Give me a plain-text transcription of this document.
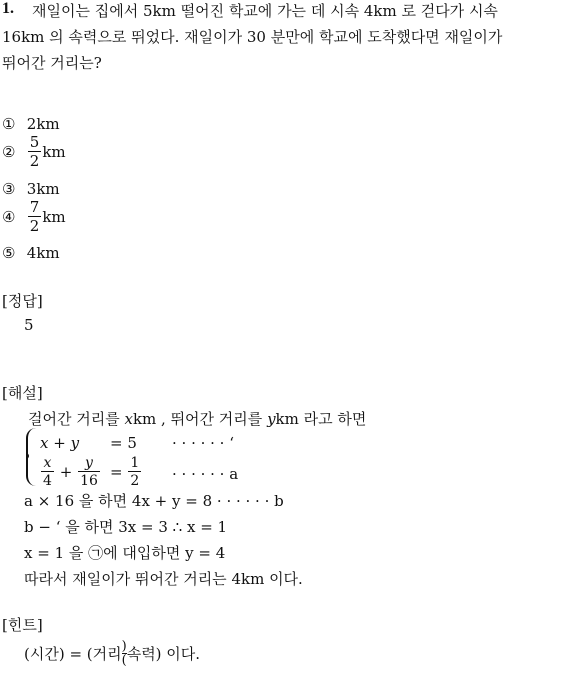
1. 재일이는 집에서 5km 떨어진 학교에 가는 데 시속 4km 로 걷다가 시속
16km 의 속력으로 뛰었다. 재일이가 30 분만에 학교에 도착했다면 재일이가
뛰어간 거리는?
① 2km
② $\frac{5}{2}$ km
③ 3km
④ $\frac{7}{2}$ km
⑤ 4km
[정답]
5
[해설]
걸어간 거리를 xkm , 뛰어간 거리를 ykm 라고 하면
x + y = 5 · · · · · · ‘
$\frac{x}{4} + \frac{y}{16} = \frac{1}{2}$ · · · · · · a
a × 16 을 하면 4x + y = 8 · · · · · · b
b − ‘ 을 하면 3x = 3 ∴ x = 1
x = 1 을 ㉠에 대입하면 y = 4
따라서 재일이가 뛰어간 거리는 4km 이다.
[힌트]
(시간) = (거리 $\frac{)}{(}$ 속력) 이다.
